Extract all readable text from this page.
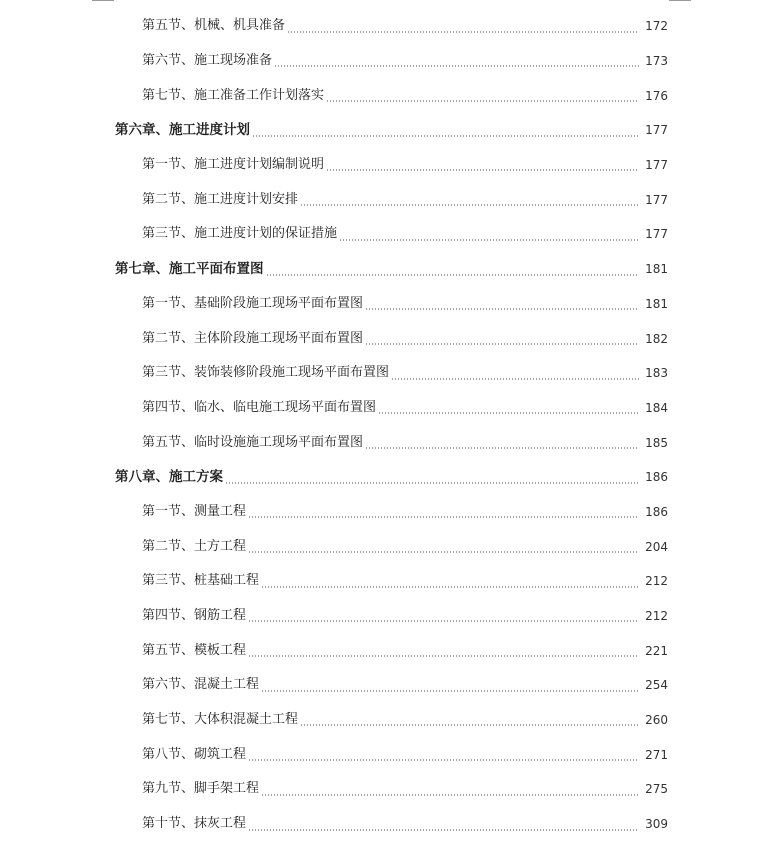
第五节、机械、机具准备	172
第六节、施工现场准备	173
第七节、施工准备工作计划落实	176
第六章、施工进度计划	177
第一节、施工进度计划编制说明	177
第二节、施工进度计划安排	177
第三节、施工进度计划的保证措施	177
第七章、施工平面布置图	181
第一节、基础阶段施工现场平面布置图	181
第二节、主体阶段施工现场平面布置图	182
第三节、装饰装修阶段施工现场平面布置图	183
第四节、临水、临电施工现场平面布置图	184
第五节、临时设施施工现场平面布置图	185
第八章、施工方案	186
第一节、测量工程	186
第二节、土方工程	204
第三节、桩基础工程	212
第四节、钢筋工程	212
第五节、模板工程	221
第六节、混凝土工程	254
第七节、大体积混凝土工程	260
第八节、砌筑工程	271
第九节、脚手架工程	275
第十节、抹灰工程	309
